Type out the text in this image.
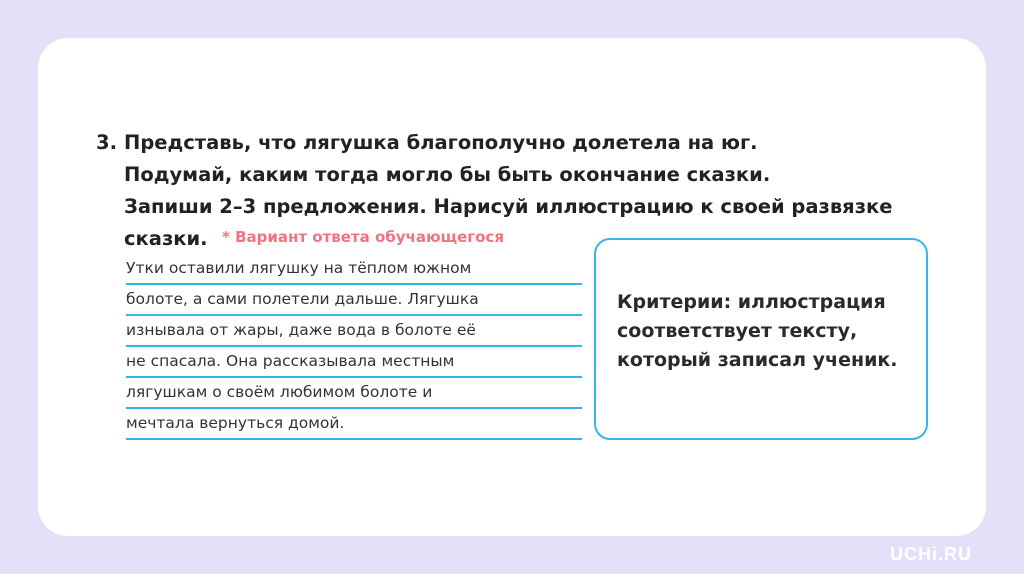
3. Представь, что лягушка благополучно долетела на юг.
Подумай, каким тогда могло бы быть окончание сказки.
Запиши 2–3 предложения. Нарисуй иллюстрацию к своей развязке
сказки. * Вариант ответа обучающегося
Утки оставили лягушку на тёплом южном
болоте, а сами полетели дальше. Лягушка
изнывала от жары, даже вода в болоте её
не спасала. Она рассказывала местным
лягушкам о своём любимом болоте и
мечтала вернуться домой.
Критерии: иллюстрация
соответствует тексту,
который записал ученик.
UCHi.RU
